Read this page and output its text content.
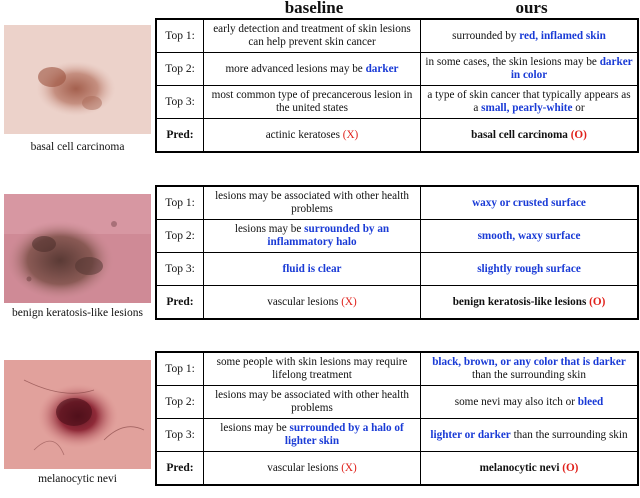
baseline	ours
basal cell carcinoma
Top 1:	early detection and treatment of skin lesions can help prevent skin cancer	surrounded by red, inflamed skin
Top 2:	more advanced lesions may be darker	in some cases, the skin lesions may be darker in color
Top 3:	most common type of precancerous lesion in the united states	a type of skin cancer that typically appears as a small, pearly-white or
Pred:	actinic keratoses (X)	basal cell carcinoma (O)
benign keratosis-like lesions
Top 1:	lesions may be associated with other health problems	waxy or crusted surface
Top 2:	lesions may be surrounded by an inflammatory halo	smooth, waxy surface
Top 3:	fluid is clear	slightly rough surface
Pred:	vascular lesions (X)	benign keratosis-like lesions (O)
melanocytic nevi
Top 1:	some people with skin lesions may require lifelong treatment	black, brown, or any color that is darker than the surrounding skin
Top 2:	lesions may be associated with other health problems	some nevi may also itch or bleed
Top 3:	lesions may be surrounded by a halo of lighter skin	lighter or darker than the surrounding skin
Pred:	vascular lesions (X)	melanocytic nevi (O)
